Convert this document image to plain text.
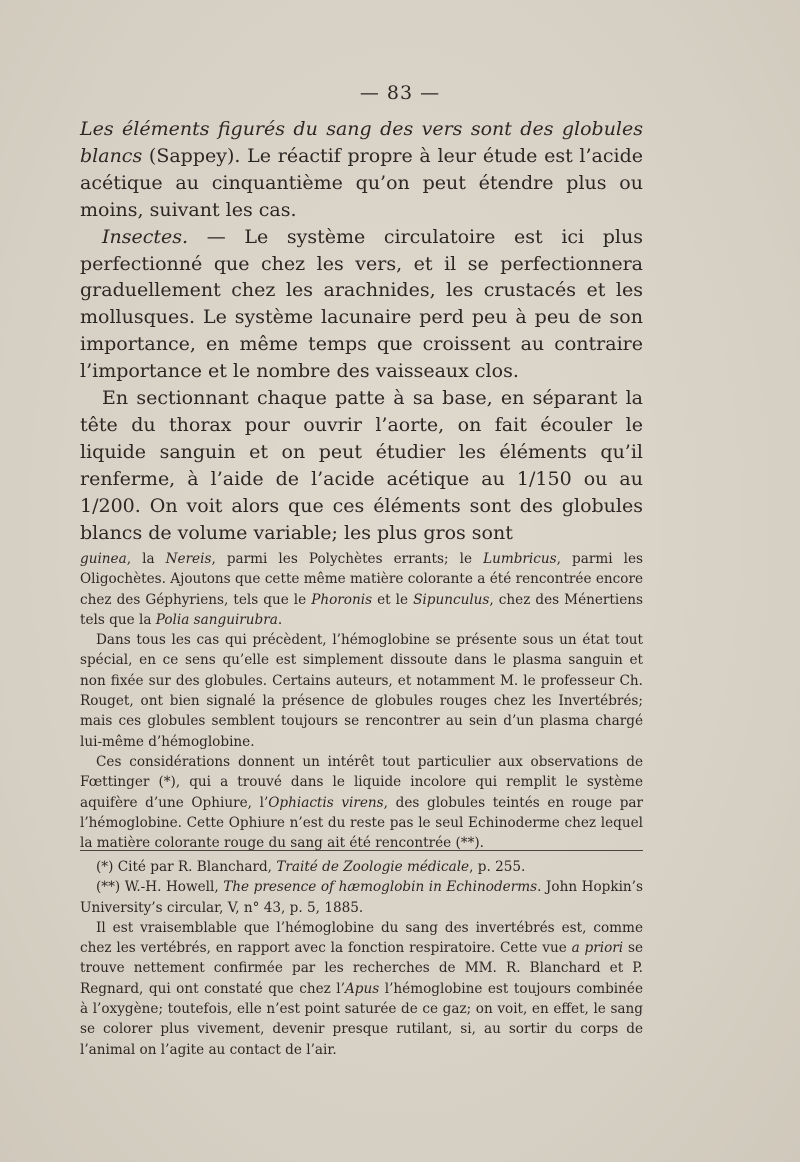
— 83 —

Les éléments figurés du sang des vers sont des globules blancs (Sappey). Le réactif propre à leur étude est l’acide acétique au cinquantième qu’on peut étendre plus ou moins, suivant les cas.

Insectes. — Le système circulatoire est ici plus perfectionné que chez les vers, et il se perfectionnera graduellement chez les arachnides, les crustacés et les mollusques. Le système lacunaire perd peu à peu de son importance, en même temps que croissent au contraire l’importance et le nombre des vaisseaux clos.

En sectionnant chaque patte à sa base, en séparant la tête du thorax pour ouvrir l’aorte, on fait écouler le liquide sanguin et on peut étudier les éléments qu’il renferme, à l’aide de l’acide acétique au 1/150 ou au 1/200. On voit alors que ces éléments sont des globules blancs de volume variable; les plus gros sont

guinea, la Nereis, parmi les Polychètes errants; le Lumbricus, parmi les Oligochètes. Ajoutons que cette même matière colorante a été rencontrée encore chez des Géphyriens, tels que le Phoronis et le Sipunculus, chez des Ménertiens tels que la Polia sanguirubra.

Dans tous les cas qui précèdent, l’hémoglobine se présente sous un état tout spécial, en ce sens qu’elle est simplement dissoute dans le plasma sanguin et non fixée sur des globules. Certains auteurs, et notamment M. le professeur Ch. Rouget, ont bien signalé la présence de globules rouges chez les Invertébrés; mais ces globules semblent toujours se rencontrer au sein d’un plasma chargé lui-même d’hémoglobine.

Ces considérations donnent un intérêt tout particulier aux observations de Fœttinger (*), qui a trouvé dans le liquide incolore qui remplit le système aquifère d’une Ophiure, l’Ophiactis virens, des globules teintés en rouge par l’hémoglobine. Cette Ophiure n’est du reste pas le seul Echinoderme chez lequel la matière colorante rouge du sang ait été rencontrée (**).

(*) Cité par R. Blanchard, Traité de Zoologie médicale, p. 255.

(**) W.-H. Howell, The presence of hæmoglobin in Echinoderms. John Hopkin’s University’s circular, V, n° 43, p. 5, 1885.

Il est vraisemblable que l’hémoglobine du sang des invertébrés est, comme chez les vertébrés, en rapport avec la fonction respiratoire. Cette vue a priori se trouve nettement confirmée par les recherches de MM. R. Blanchard et P. Regnard, qui ont constaté que chez l’Apus l’hémoglobine est toujours combinée à l’oxygène; toutefois, elle n’est point saturée de ce gaz; on voit, en effet, le sang se colorer plus vivement, devenir presque rutilant, si, au sortir du corps de l’animal on l’agite au contact de l’air.
